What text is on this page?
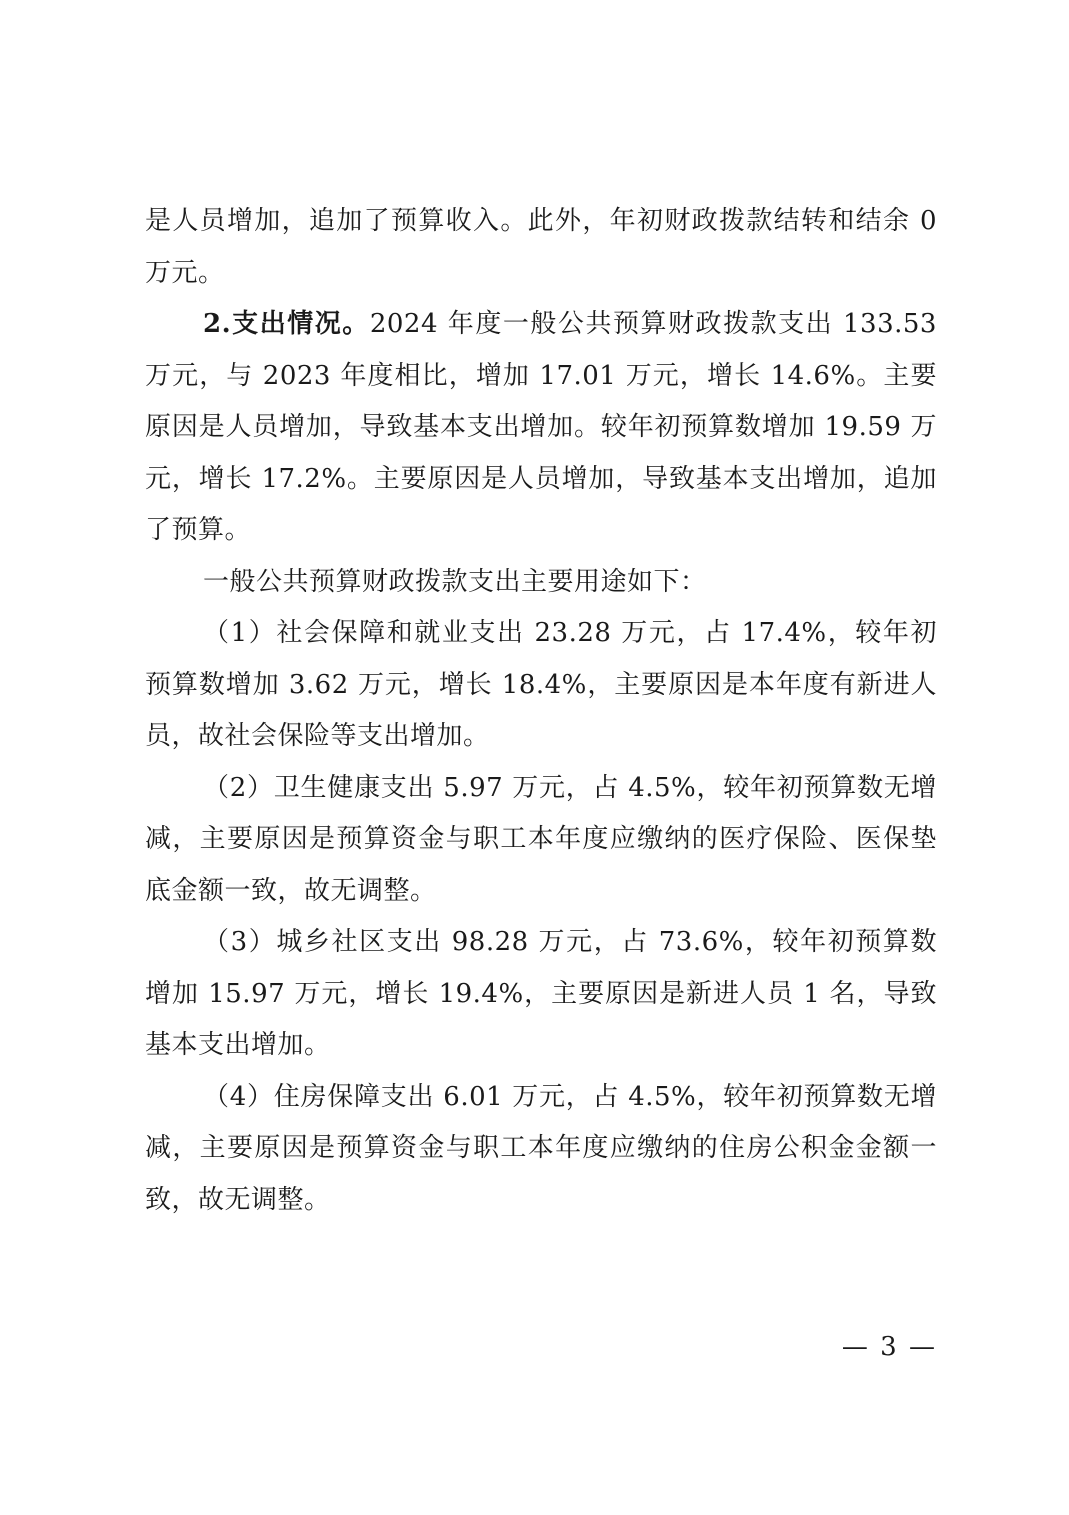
是人员增加，追加了预算收入。此外，年初财政拨款结转和结余 0 万元。

2.支出情况。2024 年度一般公共预算财政拨款支出 133.53 万元，与 2023 年度相比，增加 17.01 万元，增长 14.6%。主要原因是人员增加，导致基本支出增加。较年初预算数增加 19.59 万元，增长 17.2%。主要原因是人员增加，导致基本支出增加，追加了预算。

一般公共预算财政拨款支出主要用途如下：

（1）社会保障和就业支出 23.28 万元，占 17.4%，较年初预算数增加 3.62 万元，增长 18.4%，主要原因是本年度有新进人员，故社会保险等支出增加。

（2）卫生健康支出 5.97 万元，占 4.5%，较年初预算数无增减，主要原因是预算资金与职工本年度应缴纳的医疗保险、医保垫底金额一致，故无调整。

（3）城乡社区支出 98.28 万元，占 73.6%，较年初预算数增加 15.97 万元，增长 19.4%，主要原因是新进人员 1 名，导致基本支出增加。

（4）住房保障支出 6.01 万元，占 4.5%，较年初预算数无增减，主要原因是预算资金与职工本年度应缴纳的住房公积金金额一致，故无调整。

— 3 —
